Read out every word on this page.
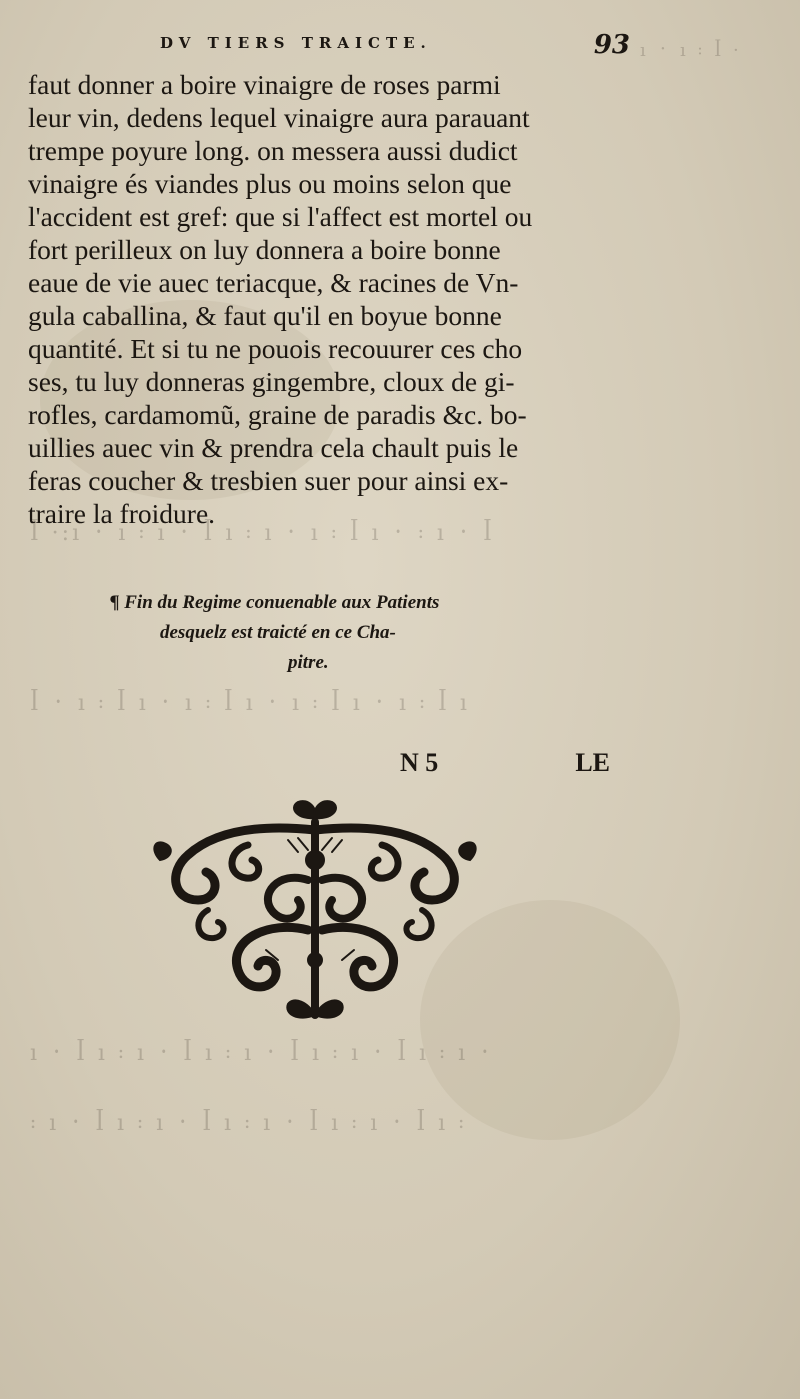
ꟾ ·:ı ᛫ ı ꞉ ı ᛫ ꟾ ı ꞉ ı ᛫ ı ꞉ ꟾ ı ᛫ ꞉ ı ᛫ ꟾ
ꟾ ᛫ ı ꞉ ꟾ ı ᛫ ı ꞉ ꟾ ı ᛫ ı ꞉ ꟾ ı ᛫ ı ꞉ ꟾ ı
ı ᛫ ꟾ ı ꞉ ı ᛫ ꟾ ı ꞉ ı ᛫ ꟾ ı ꞉ ı ᛫ ꟾ ı ꞉ ı ᛫
꞉ ı ᛫ ꟾ ı ꞉ ı ᛫ ꟾ ı ꞉ ı ᛫ ꟾ ı ꞉ ı ᛫ ꟾ ı ꞉
ı ᛫ ı ꞉ ꟾ ·
DV TIERS TRAICTE.	93
faut donner a boire vinaigre de roses parmi
leur vin, dedens lequel vinaigre aura parauant
trempe poyure long. on messera aussi dudict
vinaigre és viandes plus ou moins selon que
l'accident est gref: que si l'affect est mortel ou
fort perilleux on luy donnera a boire bonne
eaue de vie auec teriacque, & racines de Vn-
gula caballina, & faut qu'il en boyue bonne
quantité. Et si tu ne pouois recouurer ces cho
ses, tu luy donneras gingembre, cloux de gi-
rofles, cardamomũ, graine de paradis &c. bo-
uillies auec vin & prendra cela chault puis le
feras coucher & tresbien suer pour ainsi ex-
traire la froidure.
¶ Fin du Regime conuenable aux Patients
desquelz est traicté en ce Cha-
pitre.
N 5	LE
